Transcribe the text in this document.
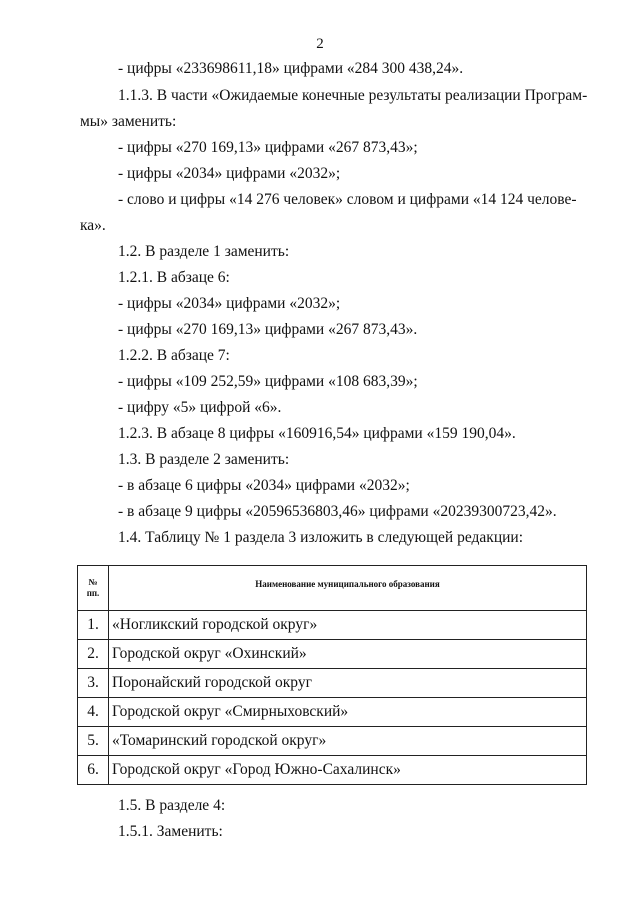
2
- цифры «233698611,18» цифрами «284 300 438,24».
1.1.3. В части «Ожидаемые конечные результаты реализации Програм-
мы» заменить:
- цифры «270 169,13» цифрами «267 873,43»;
- цифры «2034» цифрами «2032»;
- слово и цифры «14 276 человек» словом и цифрами «14 124 челове-
ка».
1.2. В разделе 1 заменить:
1.2.1. В абзаце 6:
- цифры «2034» цифрами «2032»;
- цифры «270 169,13» цифрами «267 873,43».
1.2.2. В абзаце 7:
- цифры «109 252,59» цифрами «108 683,39»;
- цифру «5» цифрой «6».
1.2.3. В абзаце 8 цифры «160916,54» цифрами «159 190,04».
1.3. В разделе 2 заменить:
- в абзаце 6 цифры «2034» цифрами «2032»;
- в абзаце 9 цифры «20596536803,46» цифрами «20239300723,42».
1.4. Таблицу № 1 раздела 3 изложить в следующей редакции:
№
пп.	Наименование муниципального образования
1.	«Ногликский городской округ»
2.	Городской округ «Охинский»
3.	Поронайский городской округ
4.	Городской округ «Смирныховский»
5.	«Томаринский городской округ»
6.	Городской округ «Город Южно-Сахалинск»
1.5. В разделе 4:
1.5.1. Заменить:
